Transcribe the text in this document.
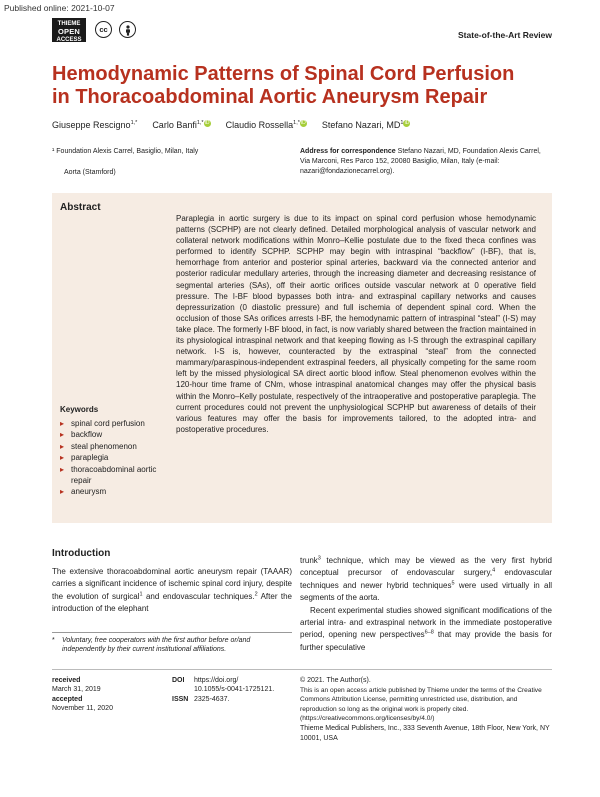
Published online: 2021-10-07
THIEME
OPEN
ACCESS
cc
State-of-the-Art Review
Hemodynamic Patterns of Spinal Cord Perfusion
in Thoracoabdominal Aortic Aneurysm Repair
Giuseppe Rescigno$^{1,*}$ Carlo Banfi$^{1,*}$iD Claudio Rossella$^{1,*}$iD Stefano Nazari, $MD^1iD$
¹ Foundation Alexis Carrel, Basiglio, Milan, Italy
Aorta (Stamford)
Address for correspondence Stefano Nazari, MD, Foundation Alexis Carrel, Via Marconi, Res Parco 152, 20080 Basiglio, Milan, Italy (e-mail: nazari@fondazionecarrel.org).
Abstract
Paraplegia in aortic surgery is due to its impact on spinal cord perfusion whose hemodynamic patterns (SCPHP) are not clearly defined. Detailed morphological analysis of vascular network and collateral network modifications within Monro–Kellie postulate due to the fixed theca confines was performed to identify SCPHP. SCPHP may begin with intraspinal “backflow” (I-BF), that is, hemorrhage from anterior and posterior spinal arteries, backward via the connected anterior and posterior radicular medullary arteries, through the increasing diameter and decreasing resistance of segmental arteries (SAs), off their aortic orifices outside vascular network at 0 operative field pressure. The I-BF blood bypasses both intra- and extraspinal capillary networks and causes depressurization (0 diastolic pressure) and full ischemia of dependent spinal cord. When the occlusion of those SAs orifices arrests I-BF, the hemodynamic pattern of intraspinal “steal” (I-S) may take place. The formerly I-BF blood, in fact, is now variably shared between the fraction maintained in its physiological intraspinal network and that keeping flowing as I-S through the extraspinal capillary network. I-S is, however, counteracted by the extraspinal “steal” from the connected mammary/paraspinous-independent extraspinal feeders, all physically competing for the same room left by the missed physiological SA direct aortic blood inflow. Steal phenomenon evolves within the 120-hour time frame of CNm, whose intraspinal anatomical changes may offer the physical basis within the Monro–Kelly postulate, respectively of the intraoperative and postoperative paraplegia. The current procedures could not prevent the unphysiological SCPHP but awareness of details of their various features may offer the basis for improvements tailored, to the adopted intra- and postoperative procedures.
Keywords
▸ spinal cord perfusion
▸ backflow
▸ steal phenomenon
▸ paraplegia
▸ thoracoabdominal aortic repair
▸ aneurysm
Introduction
The extensive thoracoabdominal aortic aneurysm repair (TAAAR) carries a significant incidence of ischemic spinal cord injury, despite the evolution of surgical$^1$ and endovascular techniques.$^2$ After the introduction of the elephant

trunk$^3$ technique, which may be viewed as the very first hybrid conceptual precursor of endovascular surgery,$^4$ endovascular techniques and newer hybrid techniques$^5$ were used virtually in all segments of the aorta.

Recent experimental studies showed significant modifications of the arterial intra- and extraspinal network in the immediate postoperative period, opening new perspectives$^{6-8}$ that may provide the basis for further speculative

* Voluntary, free cooperators with the first author before or/and independently by their current institutional affiliations.
received
March 31, 2019
accepted
November 11, 2020
DOI https://doi.org/
10.1055/s-0041-1725121.
ISSN 2325-4637.
© 2021. The Author(s).
This is an open access article published by Thieme under the terms of the Creative Commons Attribution License, permitting unrestricted use, distribution, and reproduction so long as the original work is properly cited. (https://creativecommons.org/licenses/by/4.0/)
Thieme Medical Publishers, Inc., 333 Seventh Avenue, 18th Floor, New York, NY 10001, USA
